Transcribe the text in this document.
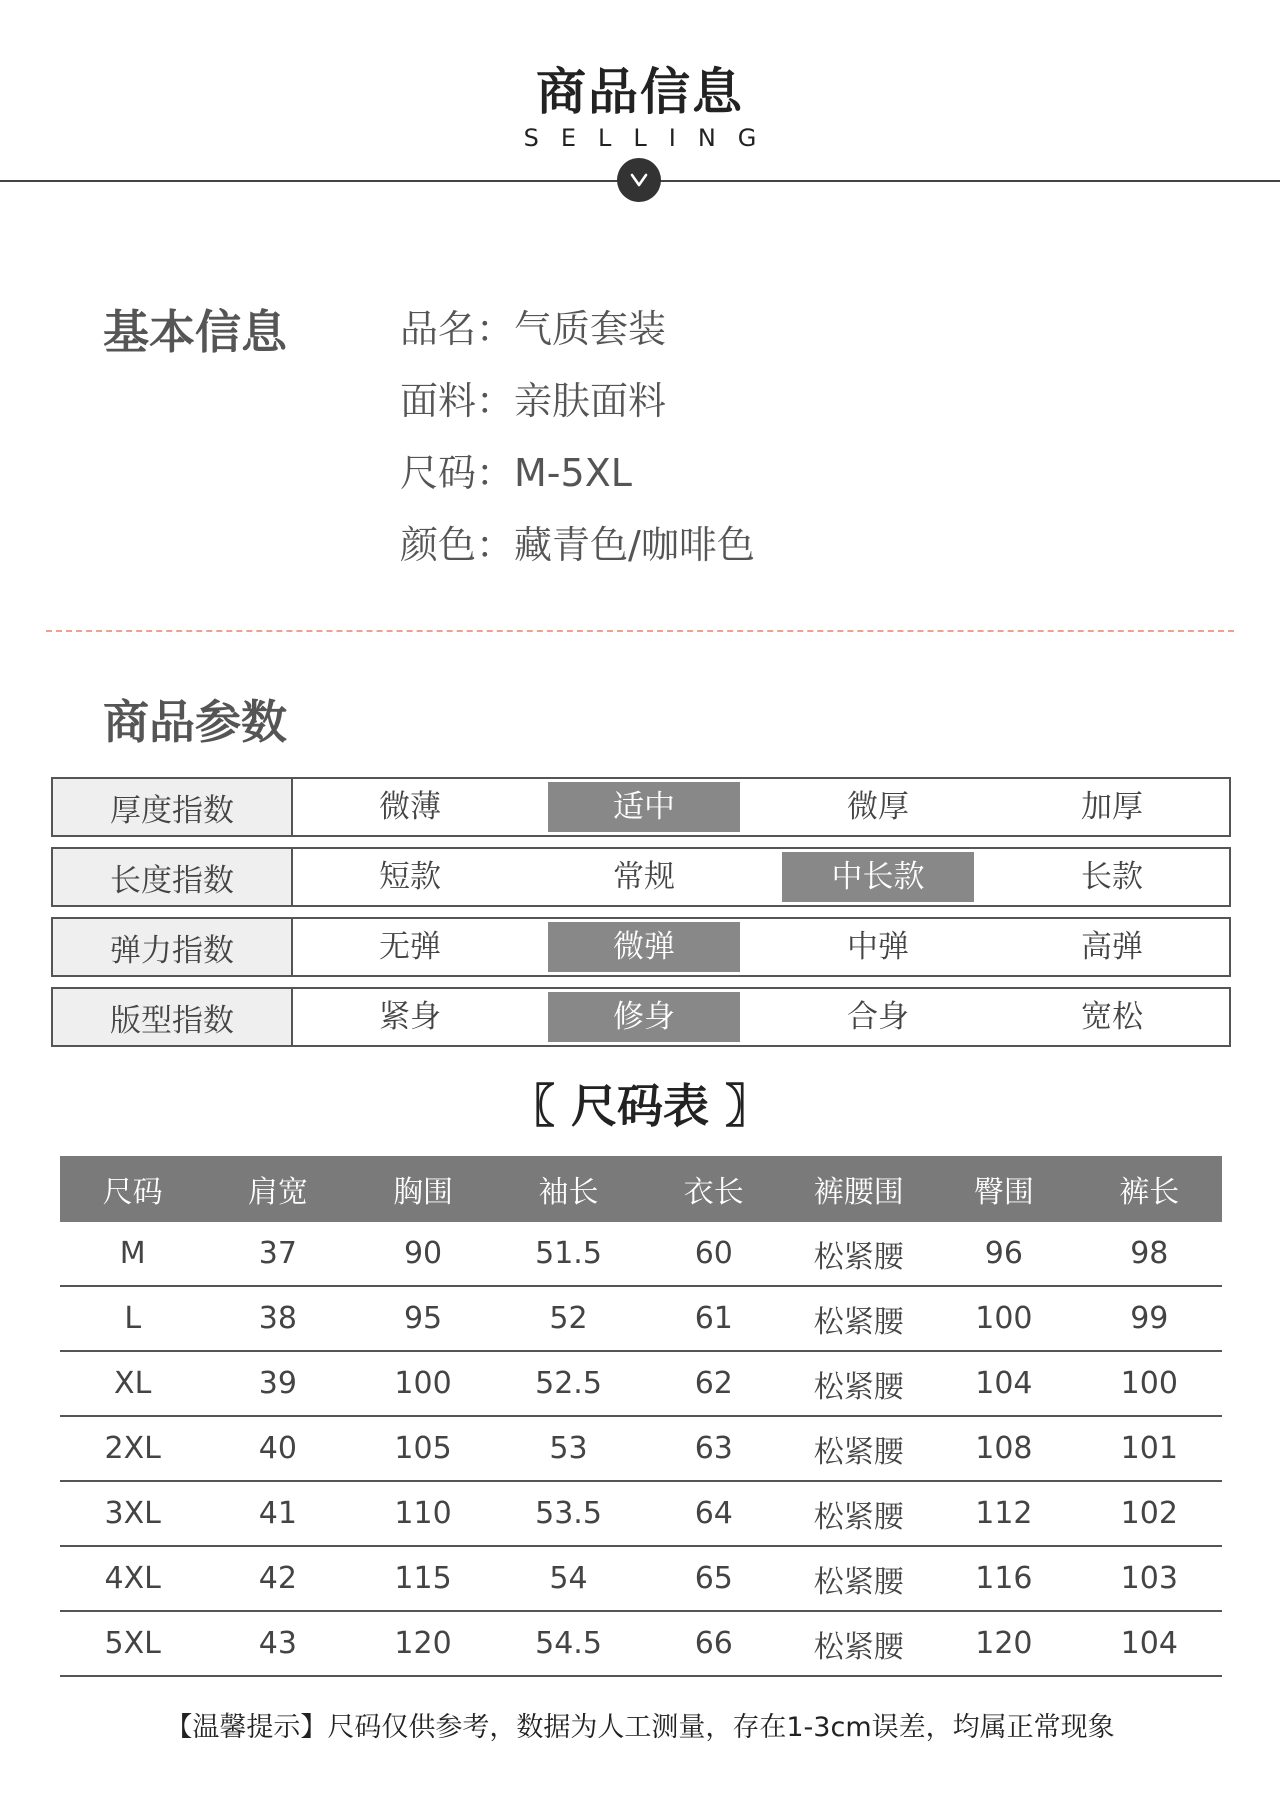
商品信息
SELLING
基本信息	品名：气质套装
面料：亲肤面料
尺码：M-5XL
颜色：藏青色/咖啡色
商品参数
厚度指数	微薄	适中	微厚	加厚
长度指数	短款	常规	中长款	长款
弹力指数	无弹	微弹	中弹	高弹
版型指数	紧身	修身	合身	宽松
〖 尺码表 〗
尺码	肩宽	胸围	袖长	衣长	裤腰围	臀围	裤长
M	37	90	51.5	60	松紧腰	96	98
L	38	95	52	61	松紧腰	100	99
XL	39	100	52.5	62	松紧腰	104	100
2XL	40	105	53	63	松紧腰	108	101
3XL	41	110	53.5	64	松紧腰	112	102
4XL	42	115	54	65	松紧腰	116	103
5XL	43	120	54.5	66	松紧腰	120	104
【温馨提示】尺码仅供参考，数据为人工测量，存在1-3cm误差，均属正常现象
